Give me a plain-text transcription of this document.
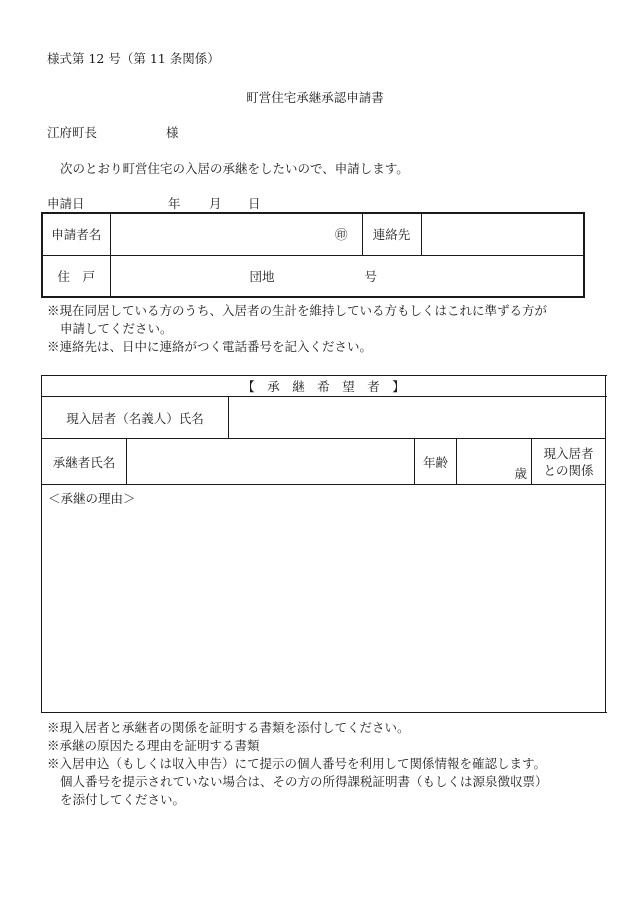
様式第 12 号（第 11 条関係）
町営住宅承継承認申請書
江府町長	様
次のとおり町営住宅の入居の承継をしたいので、申請します。
申請日	年 月 日
申請者名	㊞	連絡先	
住　戸	団地 号		
※現在同居している方のうち、入居者の生計を維持している方もしくはこれに準ずる方が
申請してください。
※連絡先は、日中に連絡がつく電話番号を記入ください。
【　承　継　希　望　者　】						
現入居者（名義人）氏名						
承継者氏名			年齢	歳	現入居者
との関係	

＜承継の理由＞						
※現入居者と承継者の関係を証明する書類を添付してください。
※承継の原因たる理由を証明する書類
※入居申込（もしくは収入申告）にて提示の個人番号を利用して関係情報を確認します。
個人番号を提示されていない場合は、その方の所得課税証明書（もしくは源泉徴収票）
を添付してください。
